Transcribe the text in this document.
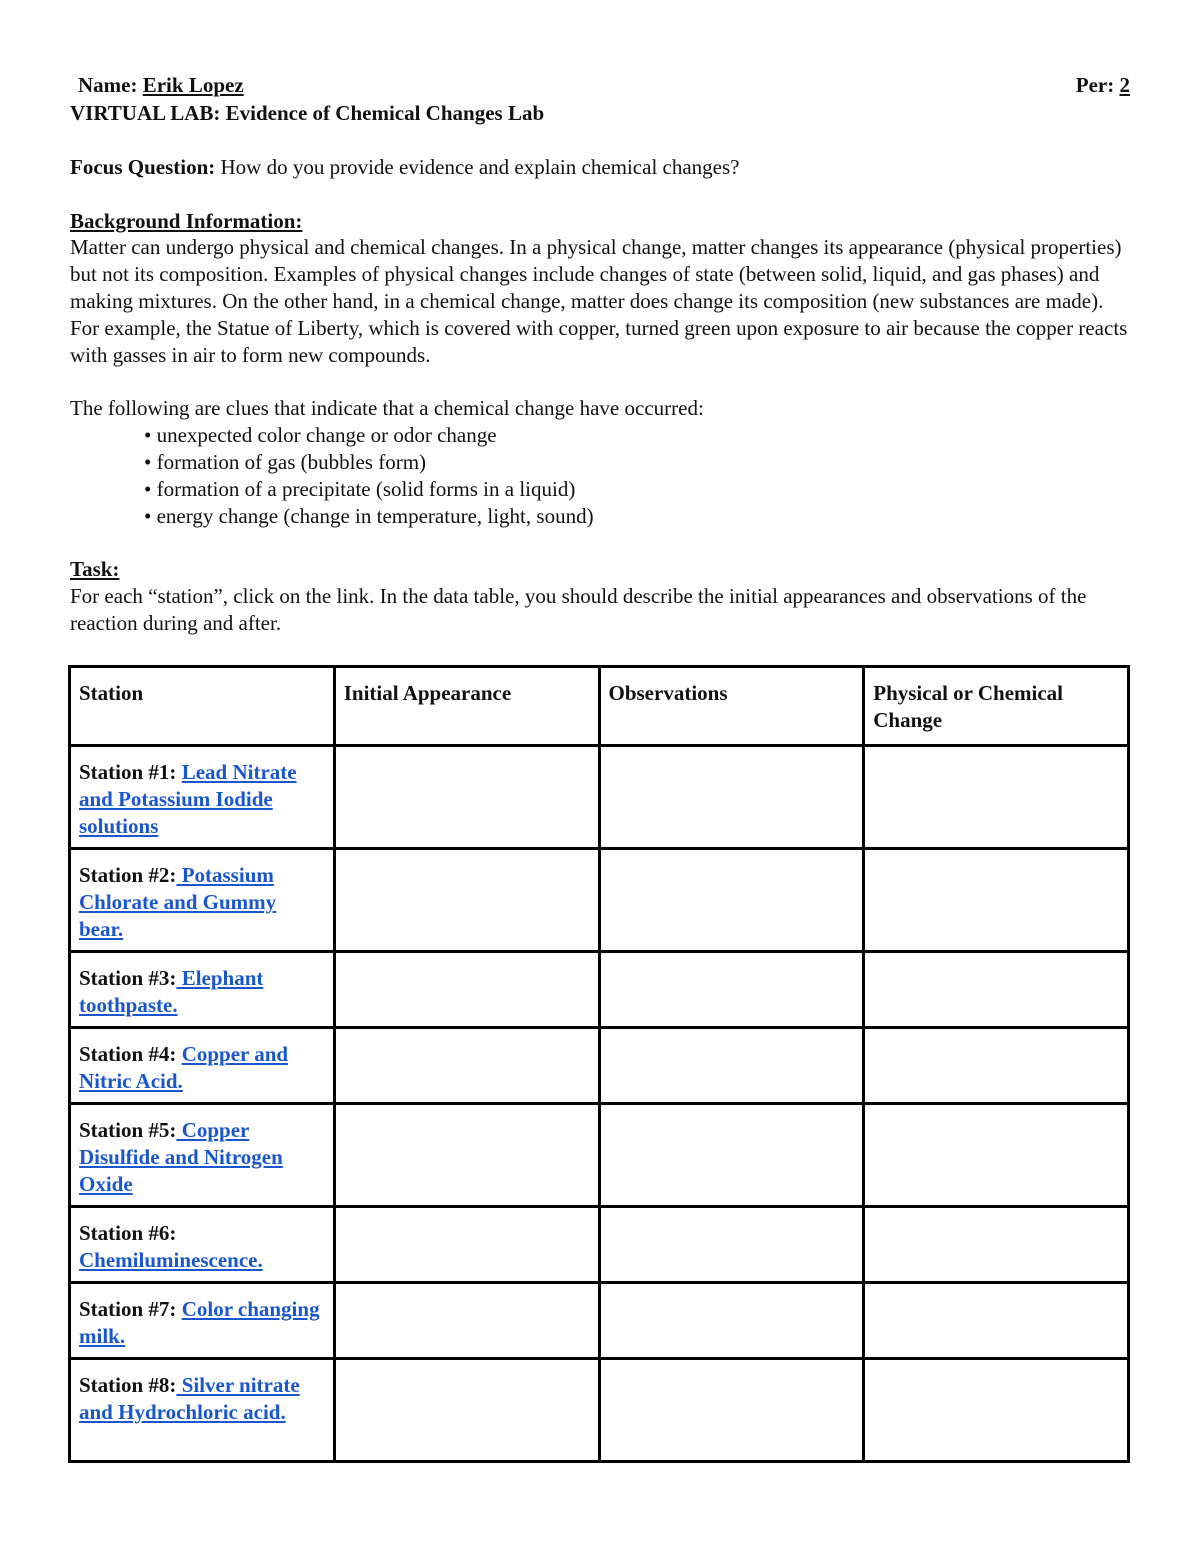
Name: Erik Lopez	Per: 2

VIRTUAL LAB: Evidence of Chemical Changes Lab

Focus Question: How do you provide evidence and explain chemical changes?

Background Information:

Matter can undergo physical and chemical changes. In a physical change, matter changes its appearance (physical properties) but not its composition. Examples of physical changes include changes of state (between solid, liquid, and gas phases) and making mixtures. On the other hand, in a chemical change, matter does change its composition (new substances are made). For example, the Statue of Liberty, which is covered with copper, turned green upon exposure to air because the copper reacts with gasses in air to form new compounds.

The following are clues that indicate that a chemical change have occurred:

• unexpected color change or odor change
• formation of gas (bubbles form)
• formation of a precipitate (solid forms in a liquid)
• energy change (change in temperature, light, sound)

Task:

For each “station”, click on the link. In the data table, you should describe the initial appearances and observations of the reaction during and after.

Station	Initial Appearance	Observations	Physical or Chemical Change
Station #1: Lead Nitrate and Potassium Iodide solutions			
Station #2: Potassium Chlorate and Gummy bear.			
Station #3: Elephant toothpaste.			
Station #4: Copper and Nitric Acid.			
Station #5: Copper Disulfide and Nitrogen Oxide			
Station #6:
Chemiluminescence.			
Station #7: Color changing milk.			
Station #8: Silver nitrate and Hydrochloric acid.			
